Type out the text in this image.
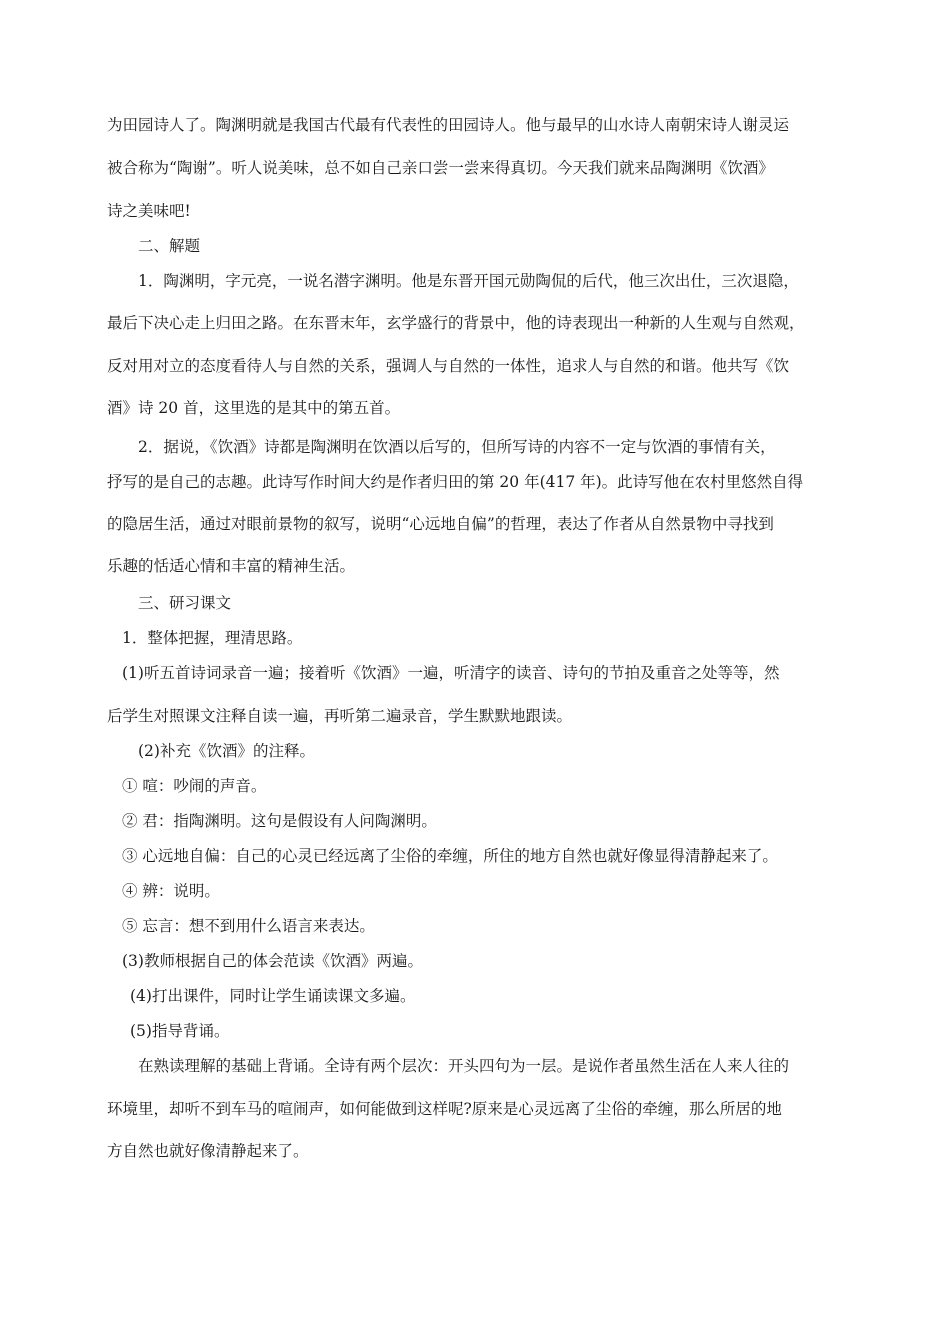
为田园诗人了。陶渊明就是我国古代最有代表性的田园诗人。他与最早的山水诗人南朝宋诗人谢灵运
被合称为“陶谢”。听人说美味，总不如自己亲口尝一尝来得真切。今天我们就来品陶渊明《饮酒》
诗之美味吧!
二、解题
1．陶渊明，字元亮，一说名潜字渊明。他是东晋开国元勋陶侃的后代，他三次出仕，三次退隐，
最后下决心走上归田之路。在东晋末年，玄学盛行的背景中，他的诗表现出一种新的人生观与自然观，
反对用对立的态度看待人与自然的关系，强调人与自然的一体性，追求人与自然的和谐。他共写《饮
酒》诗 20 首，这里选的是其中的第五首。
2．据说，《饮酒》诗都是陶渊明在饮酒以后写的，但所写诗的内容不一定与饮酒的事情有关，
抒写的是自己的志趣。此诗写作时间大约是作者归田的第 20 年(417 年)。此诗写他在农村里悠然自得
的隐居生活，通过对眼前景物的叙写，说明“心远地自偏”的哲理，表达了作者从自然景物中寻找到
乐趣的恬适心情和丰富的精神生活。
三、研习课文
1．整体把握，理清思路。
(1)听五首诗词录音一遍；接着听《饮酒》一遍，听清字的读音、诗句的节拍及重音之处等等，然
后学生对照课文注释自读一遍，再听第二遍录音，学生默默地跟读。
(2)补充《饮酒》的注释。
① 喧：吵闹的声音。
② 君：指陶渊明。这句是假设有人问陶渊明。
③ 心远地自偏：自己的心灵已经远离了尘俗的牵缠，所住的地方自然也就好像显得清静起来了。
④ 辨：说明。
⑤ 忘言：想不到用什么语言来表达。
(3)教师根据自己的体会范读《饮酒》两遍。
(4)打出课件，同时让学生诵读课文多遍。
(5)指导背诵。
在熟读理解的基础上背诵。全诗有两个层次：开头四句为一层。是说作者虽然生活在人来人往的
环境里，却听不到车马的喧闹声，如何能做到这样呢?原来是心灵远离了尘俗的牵缠，那么所居的地
方自然也就好像清静起来了。
